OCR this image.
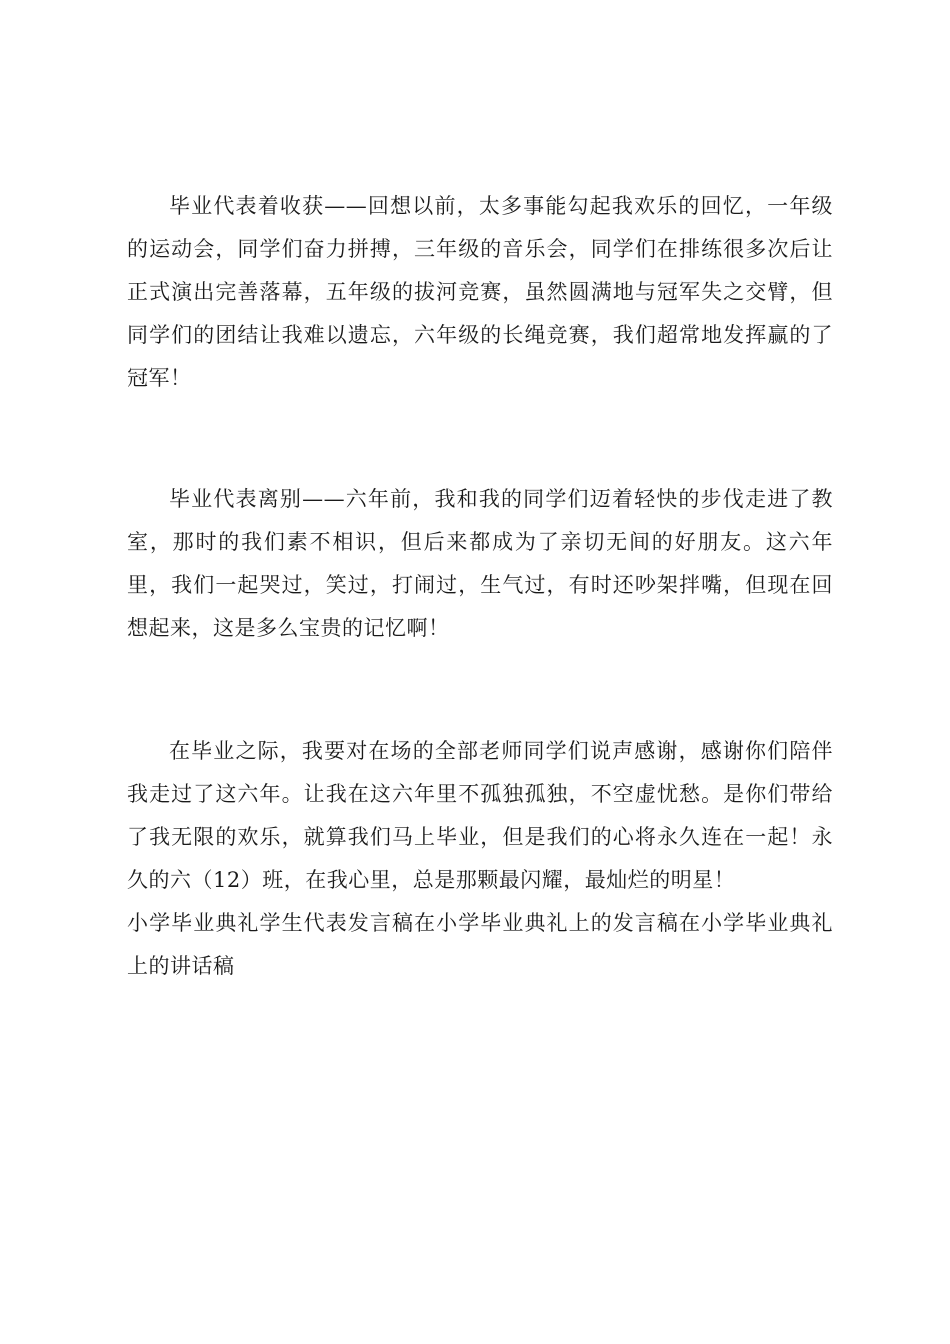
毕业代表着收获——回想以前，太多事能勾起我欢乐的回忆，一年级的运动会，同学们奋力拼搏，三年级的音乐会，同学们在排练很多次后让正式演出完善落幕，五年级的拔河竞赛，虽然圆满地与冠军失之交臂，但同学们的团结让我难以遗忘，六年级的长绳竞赛，我们超常地发挥赢的了冠军！

毕业代表离别——六年前，我和我的同学们迈着轻快的步伐走进了教室，那时的我们素不相识，但后来都成为了亲切无间的好朋友。这六年里，我们一起哭过，笑过，打闹过，生气过，有时还吵架拌嘴，但现在回想起来，这是多么宝贵的记忆啊！

在毕业之际，我要对在场的全部老师同学们说声感谢，感谢你们陪伴我走过了这六年。让我在这六年里不孤独孤独，不空虚忧愁。是你们带给了我无限的欢乐，就算我们马上毕业，但是我们的心将永久连在一起！永久的六（12）班，在我心里，总是那颗最闪耀，最灿烂的明星！

小学毕业典礼学生代表发言稿在小学毕业典礼上的发言稿在小学毕业典礼上的讲话稿
